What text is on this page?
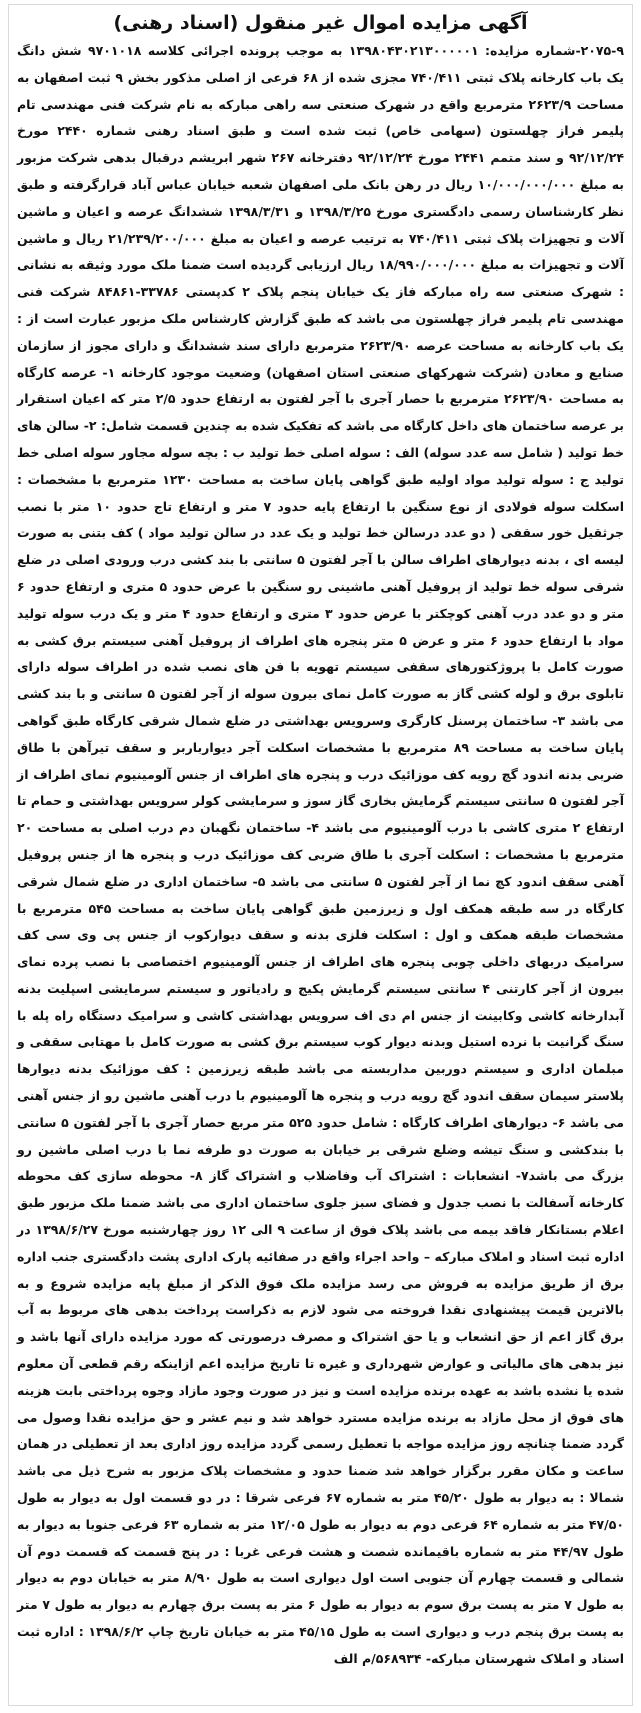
آگهی مزایده اموال غیر منقول (اسناد رهنی)

۲۰۷۵-۹-شماره مزایده: ۱۳۹۸۰۴۳۰۲۱۳۰۰۰۰۰۱ به موجب پرونده اجرائی کلاسه ۹۷۰۱۰۱۸ شش دانگ یک باب کارخانه پلاک ثبتی ۷۴۰/۴۱۱ مجزی شده از ۶۸ فرعی از اصلی مذکور بخش ۹ ثبت اصفهان به مساحت ۲۶۲۳/۹ مترمربع واقع در شهرک صنعتی سه راهی مبارکه به نام شرکت فنی مهندسی تام پلیمر فراز چهلستون (سهامی خاص) ثبت شده است و طبق اسناد رهنی شماره ۲۴۴۰ مورخ ۹۲/۱۲/۲۴ و سند متمم ۲۴۴۱ مورخ ۹۲/۱۲/۲۴ دفترخانه ۲۶۷ شهر ابریشم درقبال بدهی شرکت مزبور به مبلغ ۱۰/۰۰۰/۰۰۰/۰۰۰ ریال در رهن بانک ملی اصفهان شعبه خیابان عباس آباد قرارگرفته و طبق نظر کارشناسان رسمی دادگستری مورخ ۱۳۹۸/۳/۲۵ و ۱۳۹۸/۳/۳۱ ششدانگ عرصه و اعیان و ماشین آلات و تجهیزات پلاک ثبتی ۷۴۰/۴۱۱ به ترتیب عرصه و اعیان به مبلغ ۲۱/۲۳۹/۲۰۰/۰۰۰ ریال و ماشین آلات و تجهیزات به مبلغ ۱۸/۹۹۰/۰۰۰/۰۰۰ ریال ارزیابی گردیده است ضمنا ملک مورد وثیقه به نشانی : شهرک صنعتی سه راه مبارکه فاز یک خیابان پنجم پلاک ۲ کدپستی ۳۳۷۸۶-۸۴۸۶۱ شرکت فنی مهندسی تام پلیمر فراز چهلستون می باشد که طبق گزارش کارشناس ملک مزبور عبارت است از : یک باب کارخانه به مساحت عرصه ۲۶۲۳/۹۰ مترمربع دارای سند ششدانگ و دارای مجوز از سازمان صنایع و معادن (شرکت شهرکهای صنعتی استان اصفهان) وضعیت موجود کارخانه ۱- عرصه کارگاه به مساحت ۲۶۲۳/۹۰ مترمربع با حصار آجری با آجر لفتون به ارتفاع حدود ۲/۵ متر که اعیان استقرار بر عرصه ساختمان های داخل کارگاه می باشد که تفکیک شده به چندین قسمت شامل: ۲- سالن های خط تولید ( شامل سه عدد سوله) الف : سوله اصلی خط تولید ب : بچه سوله مجاور سوله اصلی خط تولید ج : سوله تولید مواد اولیه طبق گواهی پایان ساخت به مساحت ۱۲۳۰ مترمربع با مشخصات : اسکلت سوله فولادی از نوع سنگین با ارتفاع پایه حدود ۷ متر و ارتفاع تاج حدود ۱۰ متر با نصب جرثقیل خور سقفی ( دو عدد درسالن خط تولید و یک عدد در سالن تولید مواد ) کف بتنی به صورت لیسه ای ، بدنه دیوارهای اطراف سالن با آجر لفتون ۵ سانتی با بند کشی درب ورودی اصلی در ضلع شرقی سوله خط تولید از پروفیل آهنی ماشینی رو سنگین با عرض حدود ۵ متری و ارتفاع حدود ۶ متر و دو عدد درب آهنی کوچکتر با عرض حدود ۳ متری و ارتفاع حدود ۴ متر و یک درب سوله تولید مواد با ارتفاع حدود ۶ متر و عرض ۵ متر پنجره های اطراف از پروفیل آهنی سیستم برق کشی به صورت کامل با پروژکتورهای سقفی سیستم تهویه با فن های نصب شده در اطراف سوله دارای تابلوی برق و لوله کشی گاز به صورت کامل نمای بیرون سوله از آجر لفتون ۵ سانتی و با بند کشی می باشد ۳- ساختمان پرسنل کارگری وسرویس بهداشتی در ضلع شمال شرقی کارگاه طبق گواهی پایان ساخت به مساحت ۸۹ مترمربع با مشخصات اسکلت آجر دیوارباربر و سقف تیرآهن با طاق ضربی بدنه اندود گچ رویه کف موزائیک درب و پنجره های اطراف از جنس آلومینیوم نمای اطراف از آجر لفتون ۵ سانتی سیستم گرمایش بخاری گاز سوز و سرمایشی کولر سرویس بهداشتی و حمام تا ارتفاع ۲ متری کاشی با درب آلومینیوم می باشد ۴- ساختمان نگهبان دم درب اصلی به مساحت ۲۰ مترمربع با مشخصات : اسکلت آجری با طاق ضربی کف موزائیک درب و پنجره ها از جنس پروفیل آهنی سقف اندود کچ نما از آجر لفتون ۵ سانتی می باشد ۵- ساختمان اداری در ضلع شمال شرقی کارگاه در سه طبقه همکف اول و زیرزمین طبق گواهی پایان ساخت به مساحت ۵۴۵ مترمربع با مشخصات طبقه همکف و اول : اسکلت فلزی بدنه و سقف دیوارکوب از جنس پی وی سی کف سرامیک دربهای داخلی چوبی پنجره های اطراف از جنس آلومینیوم اختصاصی با نصب پرده نمای بیرون از آجر کارتنی ۴ سانتی سیستم گرمایش پکیج و رادیاتور و سیستم سرمایشی اسپلیت بدنه آبدارخانه کاشی وکابینت از جنس ام دی اف سرویس بهداشتی کاشی و سرامیک دستگاه راه پله با سنگ گرانیت با نرده استیل وبدنه دیوار کوب سیستم برق کشی به صورت کامل با مهتابی سقفی و مبلمان اداری و سیستم دوربین مداربسته می باشد طبقه زیرزمین : کف موزائیک بدنه دیوارها پلاستر سیمان سقف اندود گچ رویه درب و پنجره ها آلومینیوم با درب آهنی ماشین رو از جنس آهنی می باشد ۶- دیوارهای اطراف کارگاه : شامل حدود ۵۲۵ متر مربع حصار آجری با آجر لفتون ۵ سانتی با بندکشی و سنگ تیشه وضلع شرقی بر خیابان به صورت دو طرفه نما با درب اصلی ماشین رو بزرگ می باشد۷- انشعابات : اشتراک آب وفاضلاب و اشتراک گاز ۸- محوطه سازی کف محوطه کارخانه آسفالت با نصب جدول و فضای سبز جلوی ساختمان اداری می باشد ضمنا ملک مزبور طبق اعلام بستانکار فاقد بیمه می باشد پلاک فوق از ساعت ۹ الی ۱۲ روز چهارشنبه مورخ ۱۳۹۸/۶/۲۷ در اداره ثبت اسناد و املاک مبارکه – واحد اجراء واقع در صفائیه پارک اداری پشت دادگستری جنب اداره برق از طریق مزایده به فروش می رسد مزایده ملک فوق الذکر از مبلغ پایه مزایده شروع و به بالاترین قیمت پیشنهادی نقدا فروخته می شود لازم به ذکراست پرداخت بدهی های مربوط به آب برق گاز اعم از حق انشعاب و یا حق اشتراک و مصرف درصورتی که مورد مزایده دارای آنها باشد و نیز بدهی های مالیاتی و عوارض شهرداری و غیره تا تاریخ مزایده اعم ازاینکه رقم قطعی آن معلوم شده یا نشده باشد به عهده برنده مزایده است و نیز در صورت وجود مازاد وجوه پرداختی بابت هزینه های فوق از محل مازاد به برنده مزایده مسترد خواهد شد و نیم عشر و حق مزایده نقدا وصول می گردد ضمنا چنانچه روز مزایده مواجه با تعطیل رسمی گردد مزایده روز اداری بعد از تعطیلی در همان ساعت و مکان مقرر برگزار خواهد شد ضمنا حدود و مشخصات پلاک مزبور به شرح ذیل می باشد شمالا : به دیوار به طول ۴۵/۲۰ متر به شماره ۶۷ فرعی شرقا : در دو قسمت اول به دیوار به طول ۴۷/۵۰ متر به شماره ۶۴ فرعی دوم به دیوار به طول ۱۲/۰۵ متر به شماره ۶۳ فرعی جنوبا به دیوار به طول ۴۴/۹۷ متر به شماره باقیمانده شصت و هشت فرعی غربا : در پنج قسمت که قسمت دوم آن شمالی و قسمت چهارم آن جنوبی است اول دیواری است به طول ۸/۹۰ متر به خیابان دوم به دیوار به طول ۷ متر به پست برق سوم به دیوار به طول ۶ متر به پست برق چهارم به دیوار به طول ۷ متر به پست برق پنجم درب و دیواری است به طول ۴۵/۱۵ متر به خیابان تاریخ چاپ ۱۳۹۸/۶/۲ : اداره ثبت اسناد و املاک شهرستان مبارکه- ۵۶۸۹۳۴/م الف
